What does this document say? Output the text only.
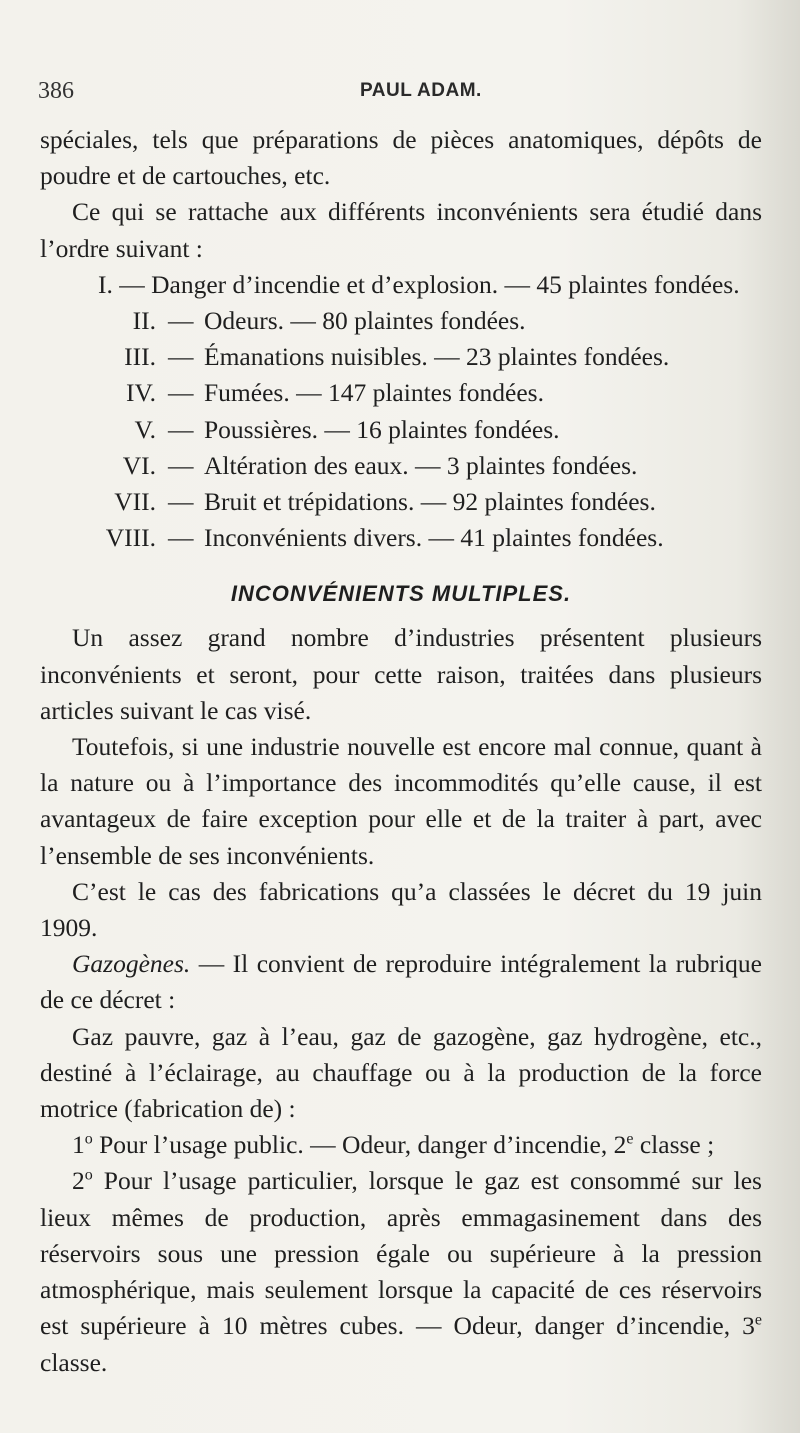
386	PAUL ADAM.

spéciales, tels que préparations de pièces anatomiques, dépôts de poudre et de cartouches, etc.

Ce qui se rattache aux différents inconvénients sera étudié dans l’ordre suivant :

I. — Danger d’incendie et d’explosion. — 45 plaintes fondées.

II. — Odeurs. — 80 plaintes fondées.
III. — Émanations nuisibles. — 23 plaintes fondées.
IV. — Fumées. — 147 plaintes fondées.
V. — Poussières. — 16 plaintes fondées.
VI. — Altération des eaux. — 3 plaintes fondées.
VII. — Bruit et trépidations. — 92 plaintes fondées.
VIII. — Inconvénients divers. — 41 plaintes fondées.
INCONVÉNIENTS MULTIPLES.

Un assez grand nombre d’industries présentent plusieurs inconvénients et seront, pour cette raison, traitées dans plusieurs articles suivant le cas visé.

Toutefois, si une industrie nouvelle est encore mal connue, quant à la nature ou à l’importance des incommodités qu’elle cause, il est avantageux de faire exception pour elle et de la traiter à part, avec l’ensemble de ses inconvénients.

C’est le cas des fabrications qu’a classées le décret du 19 juin 1909.

Gazogènes. — Il convient de reproduire intégralement la rubrique de ce décret :

Gaz pauvre, gaz à l’eau, gaz de gazogène, gaz hydrogène, etc., destiné à l’éclairage, au chauffage ou à la production de la force motrice (fabrication de) :

1$^o$ Pour l’usage public. — Odeur, danger d’incendie, 2e classe ;

2$^o$ Pour l’usage particulier, lorsque le gaz est consommé sur les lieux mêmes de production, après emmagasinement dans des réservoirs sous une pression égale ou supérieure à la pression atmosphérique, mais seulement lorsque la capacité de ces réservoirs est supérieure à 10 mètres cubes. — Odeur, danger d’incendie, 3e classe.
